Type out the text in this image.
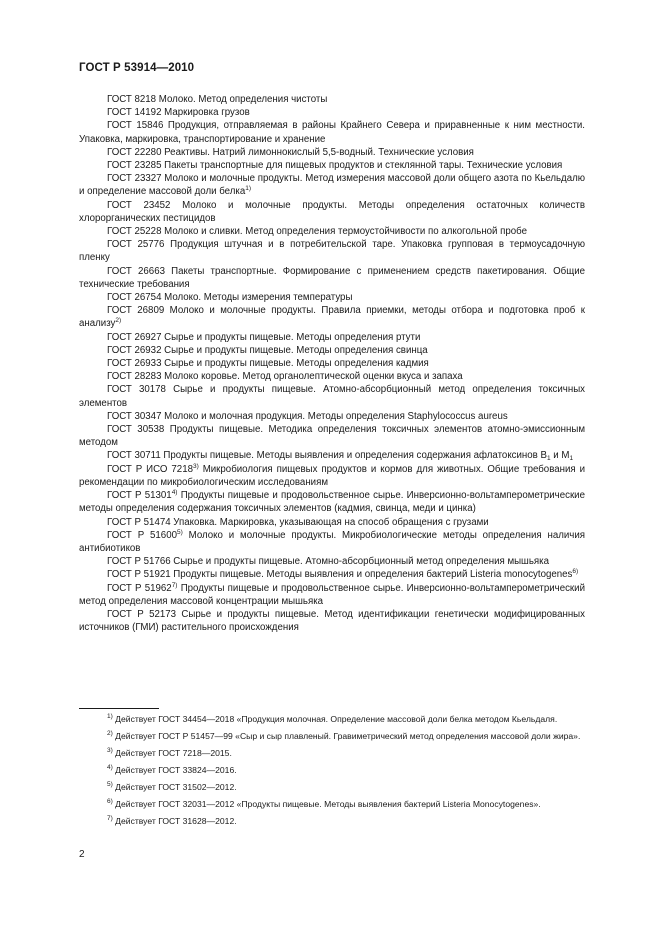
ГОСТ Р 53914—2010

ГОСТ 8218 Молоко. Метод определения чистоты

ГОСТ 14192 Маркировка грузов

ГОСТ 15846 Продукция, отправляемая в районы Крайнего Севера и приравненные к ним местности. Упаковка, маркировка, транспортирование и хранение

ГОСТ 22280 Реактивы. Натрий лимоннокислый 5,5-водный. Технические условия

ГОСТ 23285 Пакеты транспортные для пищевых продуктов и стеклянной тары. Технические условия

ГОСТ 23327 Молоко и молочные продукты. Метод измерения массовой доли общего азота по Кьельдалю и определение массовой доли белка$^{1)}$

ГОСТ 23452 Молоко и молочные продукты. Методы определения остаточных количеств хлорорганических пестицидов

ГОСТ 25228 Молоко и сливки. Метод определения термоустойчивости по алкогольной пробе

ГОСТ 25776 Продукция штучная и в потребительской таре. Упаковка групповая в термоусадочную пленку

ГОСТ 26663 Пакеты транспортные. Формирование с применением средств пакетирования. Общие технические требования

ГОСТ 26754 Молоко. Методы измерения температуры

ГОСТ 26809 Молоко и молочные продукты. Правила приемки, методы отбора и подготовка проб к анализу$^{2)}$

ГОСТ 26927 Сырье и продукты пищевые. Методы определения ртути

ГОСТ 26932 Сырье и продукты пищевые. Методы определения свинца

ГОСТ 26933 Сырье и продукты пищевые. Методы определения кадмия

ГОСТ 28283 Молоко коровье. Метод органолептической оценки вкуса и запаха

ГОСТ 30178 Сырье и продукты пищевые. Атомно-абсорбционный метод определения токсичных элементов

ГОСТ 30347 Молоко и молочная продукция. Методы определения Staphylococcus aureus

ГОСТ 30538 Продукты пищевые. Методика определения токсичных элементов атомно-эмиссионным методом

ГОСТ 30711 Продукты пищевые. Методы выявления и определения содержания афлатоксинов $В_1$ и $М_1$

ГОСТ Р ИСО 7218$^{3)}$ Микробиология пищевых продуктов и кормов для животных. Общие требования и рекомендации по микробиологическим исследованиям

ГОСТ Р 51301$^{4)}$ Продукты пищевые и продовольственное сырье. Инверсионно-вольтамперометрические методы определения содержания токсичных элементов (кадмия, свинца, меди и цинка)

ГОСТ Р 51474 Упаковка. Маркировка, указывающая на способ обращения с грузами

ГОСТ Р 51600$^{5)}$ Молоко и молочные продукты. Микробиологические методы определения наличия антибиотиков

ГОСТ Р 51766 Сырье и продукты пищевые. Атомно-абсорбционный метод определения мышьяка

ГОСТ Р 51921 Продукты пищевые. Методы выявления и определения бактерий Listeria monocytogenes$^{6)}$

ГОСТ Р 51962$^{7)}$ Продукты пищевые и продовольственное сырье. Инверсионно-вольтамперометрический метод определения массовой концентрации мышьяка

ГОСТ Р 52173 Сырье и продукты пищевые. Метод идентификации генетически модифицированных источников (ГМИ) растительного происхождения

$^{1)}$ Действует ГОСТ 34454—2018 «Продукция молочная. Определение массовой доли белка методом Кьельдаля.

$^{2)}$ Действует ГОСТ Р 51457—99 «Сыр и сыр плавленый. Гравиметрический метод определения массовой доли жира».

$^{3)}$ Действует ГОСТ 7218—2015.

$^{4)}$ Действует ГОСТ 33824—2016.

$^{5)}$ Действует ГОСТ 31502—2012.

$^{6)}$ Действует ГОСТ 32031—2012 «Продукты пищевые. Методы выявления бактерий Listeria Monocytogenes».

$^{7)}$ Действует ГОСТ 31628—2012.

2
